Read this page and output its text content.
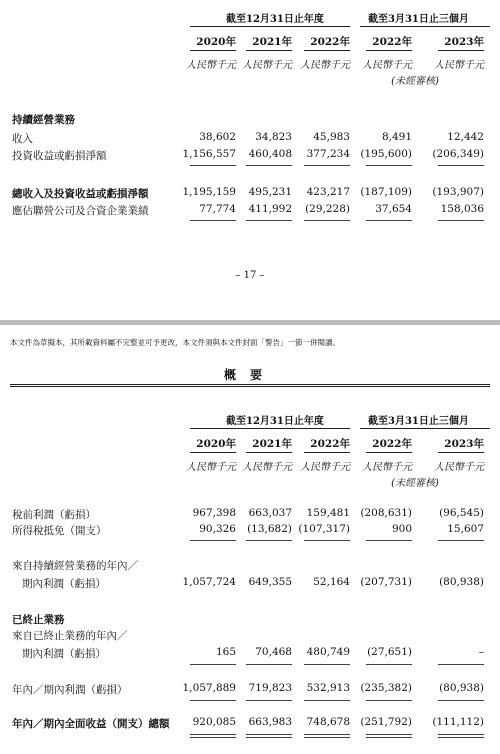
截至12月31日止年度	截至3月31日止三個月
2020年	2021年	2022年	2022年	2023年
人民幣千元 人民幣千元 人民幣千元	人民幣千元	人民幣千元
(未經審核)
持續經營業務
收入	38,602	34,823	45,983	8,491	12,442
投資收益或虧損淨額	1,156,557	460,408	377,234 (195,600)	(206,349)
總收入及投資收益或虧損淨額	1,195,159	495,231	423,217 (187,109)	(193,907)
應佔聯營公司及合資企業業績	77,774	411,992	(29,228)	37,654	158,036
– 17 –
本文件為草擬本，其所載資料屬不完整並可予更改，本文件須與本文件封面「警告」一節一併閱讀。
概要
截至12月31日止年度	截至3月31日止三個月
2020年	2021年	2022年	2022年	2023年
人民幣千元 人民幣千元 人民幣千元	人民幣千元	人民幣千元
(未經審核)
稅前利潤（虧損）	967,398	663,037	159,481 (208,631)	(96,545)
所得稅抵免（開支）	90,326	(13,682) (107,317)	900	15,607
來自持續經營業務的年內／
期內利潤（虧損）	1,057,724	649,355	52,164 (207,731)	(80,938)
已終止業務
來自已終止業務的年內／
期內利潤（虧損）	165	70,468	480,749	(27,651)	–
年內／期內利潤（虧損）	1,057,889	719,823	532,913 (235,382)	(80,938)
年內／期內全面收益（開支）總額	920,085	663,983	748,678 (251,792)	(111,112)
